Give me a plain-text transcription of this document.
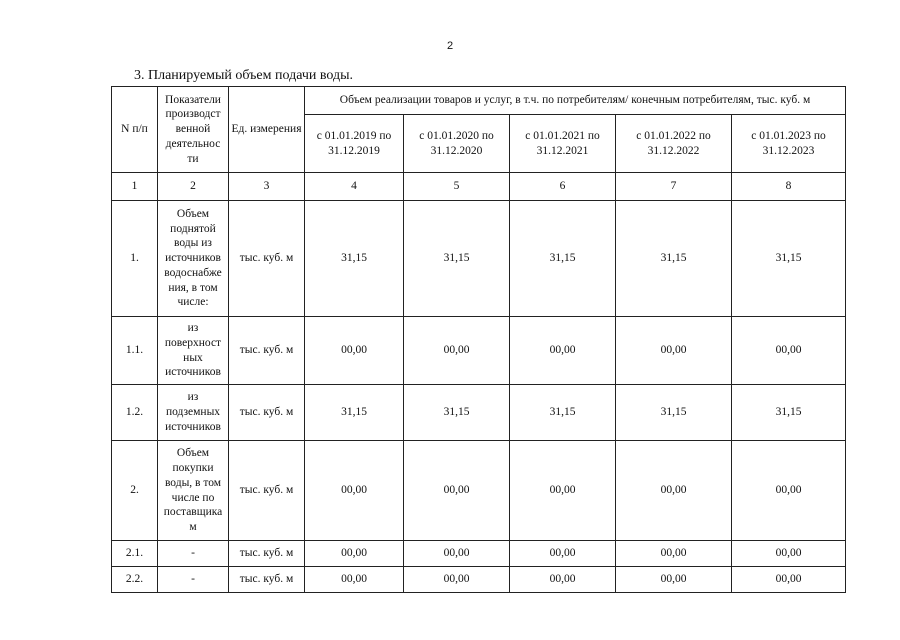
2
3. Планируемый объем подачи воды.
N п/п	Показатели производст венной деятельнос ти	Ед. измерения	Объем реализации товаров и услуг, в т.ч. по потребителям/ конечным потребителям, тыс. куб. м				
			с 01.01.2019 по 31.12.2019	с 01.01.2020 по 31.12.2020	с 01.01.2021 по 31.12.2021	с 01.01.2022 по 31.12.2022	с 01.01.2023 по 31.12.2023
1	2	3	4	5	6	7	8
1.	Объем поднятой воды из источников водоснабже ния, в том числе:	тыс. куб. м	31,15	31,15	31,15	31,15	31,15
1.1.	из поверхност ных источников	тыс. куб. м	00,00	00,00	00,00	00,00	00,00
1.2.	из подземных источников	тыс. куб. м	31,15	31,15	31,15	31,15	31,15
2.	Объем покупки воды, в том числе по поставщика м	тыс. куб. м	00,00	00,00	00,00	00,00	00,00
2.1.	-	тыс. куб. м	00,00	00,00	00,00	00,00	00,00
2.2.	-	тыс. куб. м	00,00	00,00	00,00	00,00	00,00
